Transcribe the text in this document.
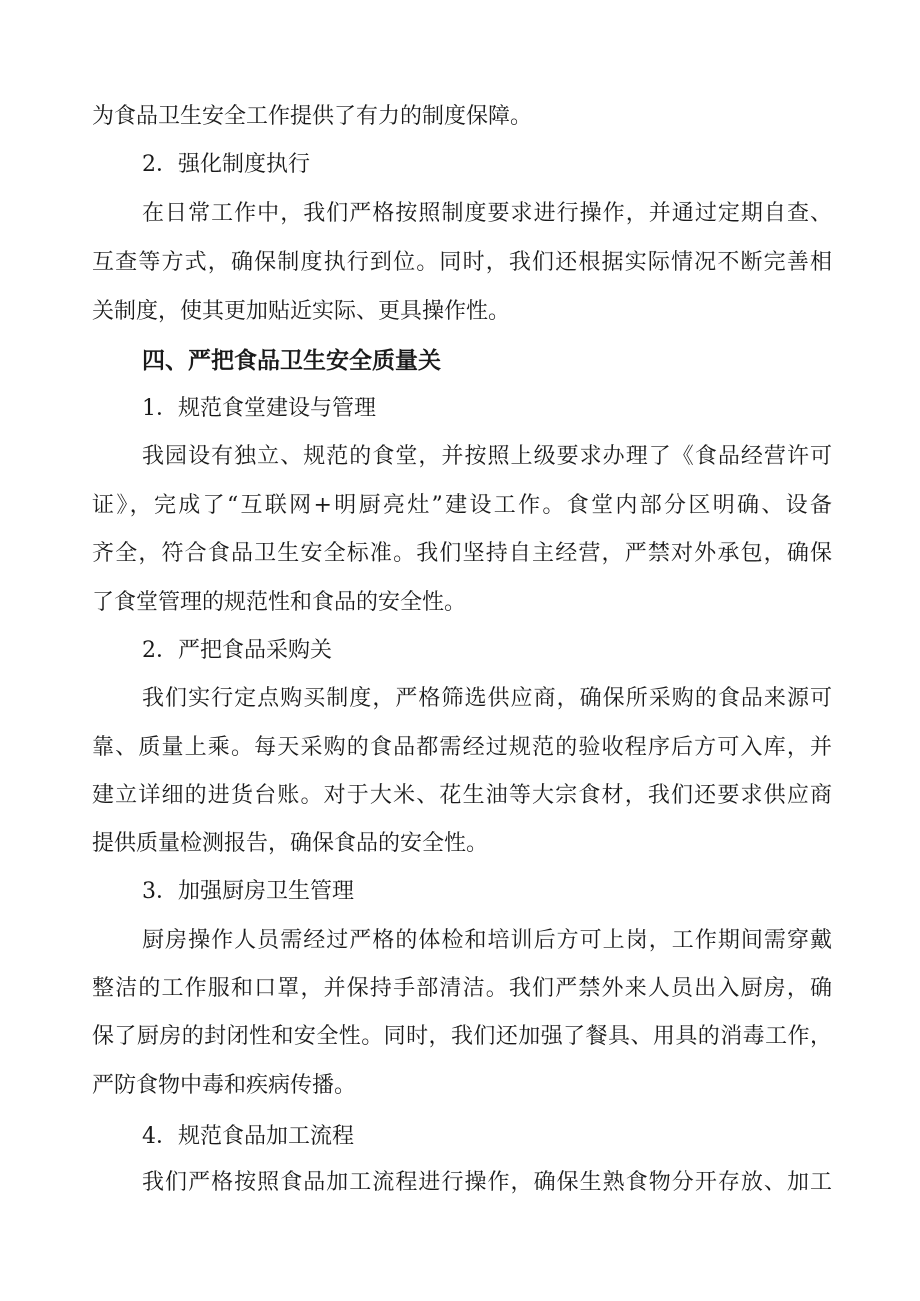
为食品卫生安全工作提供了有力的制度保障。
2．强化制度执行
在日常工作中，我们严格按照制度要求进行操作，并通过定期自查、
互查等方式，确保制度执行到位。同时，我们还根据实际情况不断完善相
关制度，使其更加贴近实际、更具操作性。
四、严把食品卫生安全质量关
1．规范食堂建设与管理
我园设有独立、规范的食堂，并按照上级要求办理了《食品经营许可
证》，完成了“互联网+明厨亮灶”建设工作。食堂内部分区明确、设备
齐全，符合食品卫生安全标准。我们坚持自主经营，严禁对外承包，确保
了食堂管理的规范性和食品的安全性。
2．严把食品采购关
我们实行定点购买制度，严格筛选供应商，确保所采购的食品来源可
靠、质量上乘。每天采购的食品都需经过规范的验收程序后方可入库，并
建立详细的进货台账。对于大米、花生油等大宗食材，我们还要求供应商
提供质量检测报告，确保食品的安全性。
3．加强厨房卫生管理
厨房操作人员需经过严格的体检和培训后方可上岗，工作期间需穿戴
整洁的工作服和口罩，并保持手部清洁。我们严禁外来人员出入厨房，确
保了厨房的封闭性和安全性。同时，我们还加强了餐具、用具的消毒工作，
严防食物中毒和疾病传播。
4．规范食品加工流程
我们严格按照食品加工流程进行操作，确保生熟食物分开存放、加工
